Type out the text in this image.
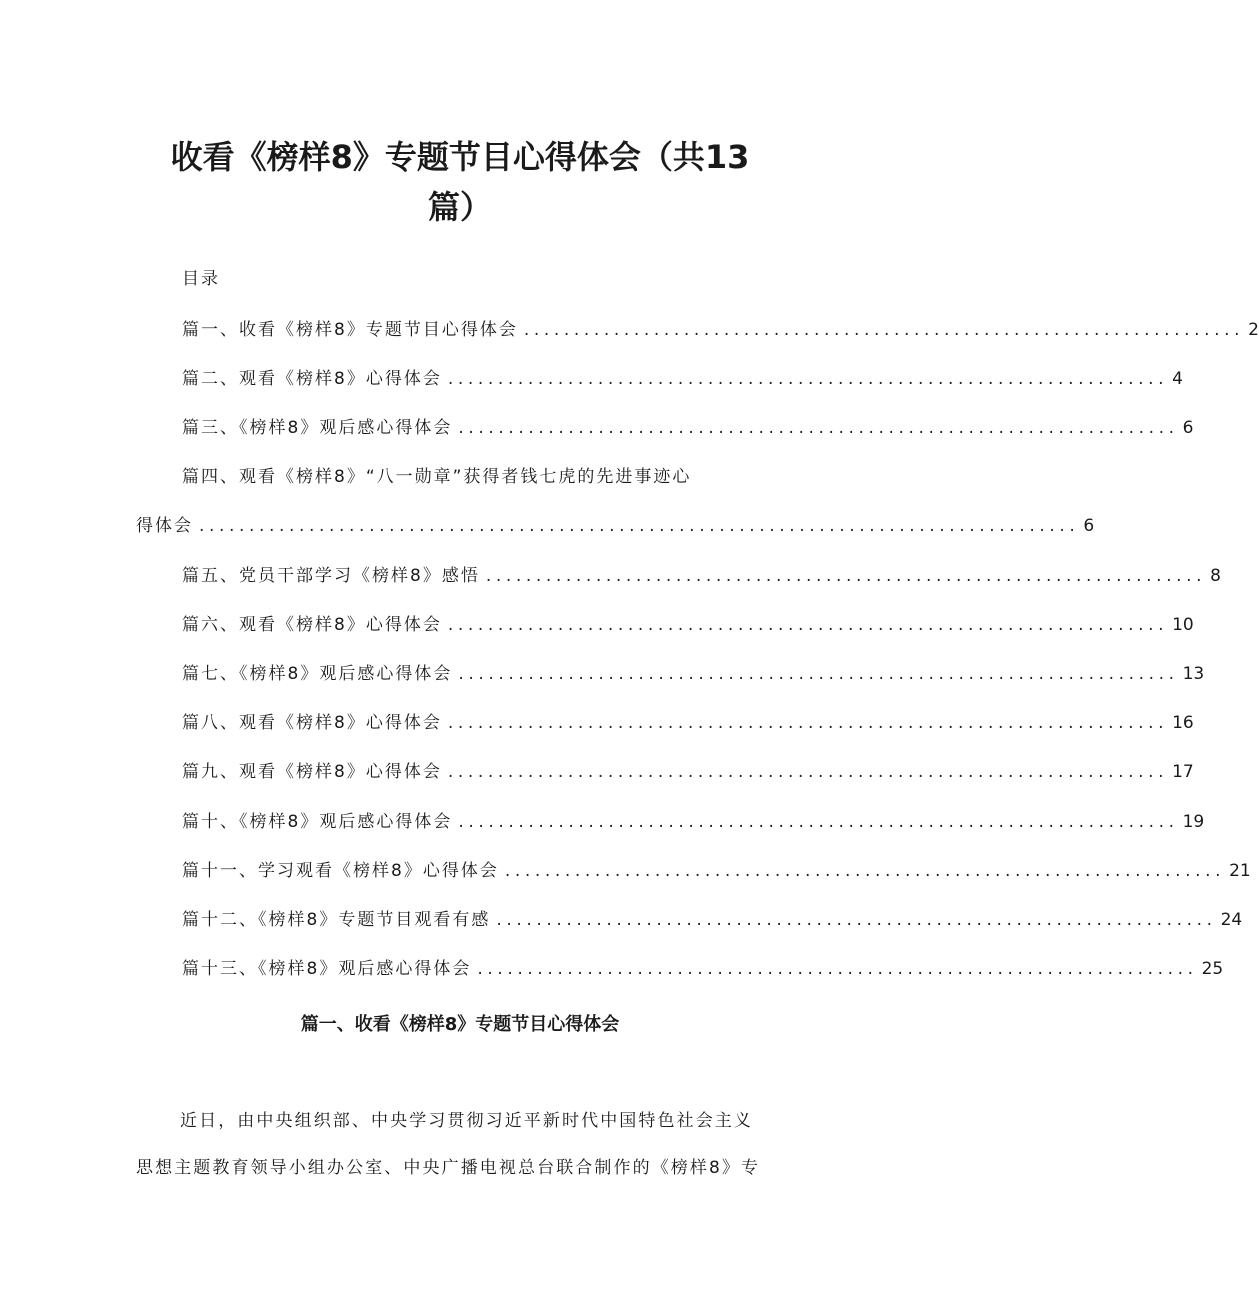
收看《榜样8》专题节目心得体会（共13
篇）
目录
篇一、收看《榜样8》专题节目心得体会 ........................................................................ 2
篇二、观看《榜样8》心得体会 ........................................................................ 4
篇三、《榜样8》观后感心得体会 ........................................................................ 6
篇四、观看《榜样8》“八一勋章”获得者钱七虎的先进事迹心
得体会 ........................................................................................ 6
篇五、党员干部学习《榜样8》感悟 ........................................................................ 8
篇六、观看《榜样8》心得体会 ........................................................................ 10
篇七、《榜样8》观后感心得体会 ........................................................................ 13
篇八、观看《榜样8》心得体会 ........................................................................ 16
篇九、观看《榜样8》心得体会 ........................................................................ 17
篇十、《榜样8》观后感心得体会 ........................................................................ 19
篇十一、学习观看《榜样8》心得体会 ........................................................................ 21
篇十二、《榜样8》专题节目观看有感 ........................................................................ 24
篇十三、《榜样8》观后感心得体会 ........................................................................ 25
篇一、收看《榜样8》专题节目心得体会
近日，由中央组织部、中央学习贯彻习近平新时代中国特色社会主义
思想主题教育领导小组办公室、中央广播电视总台联合制作的《榜样8》专
